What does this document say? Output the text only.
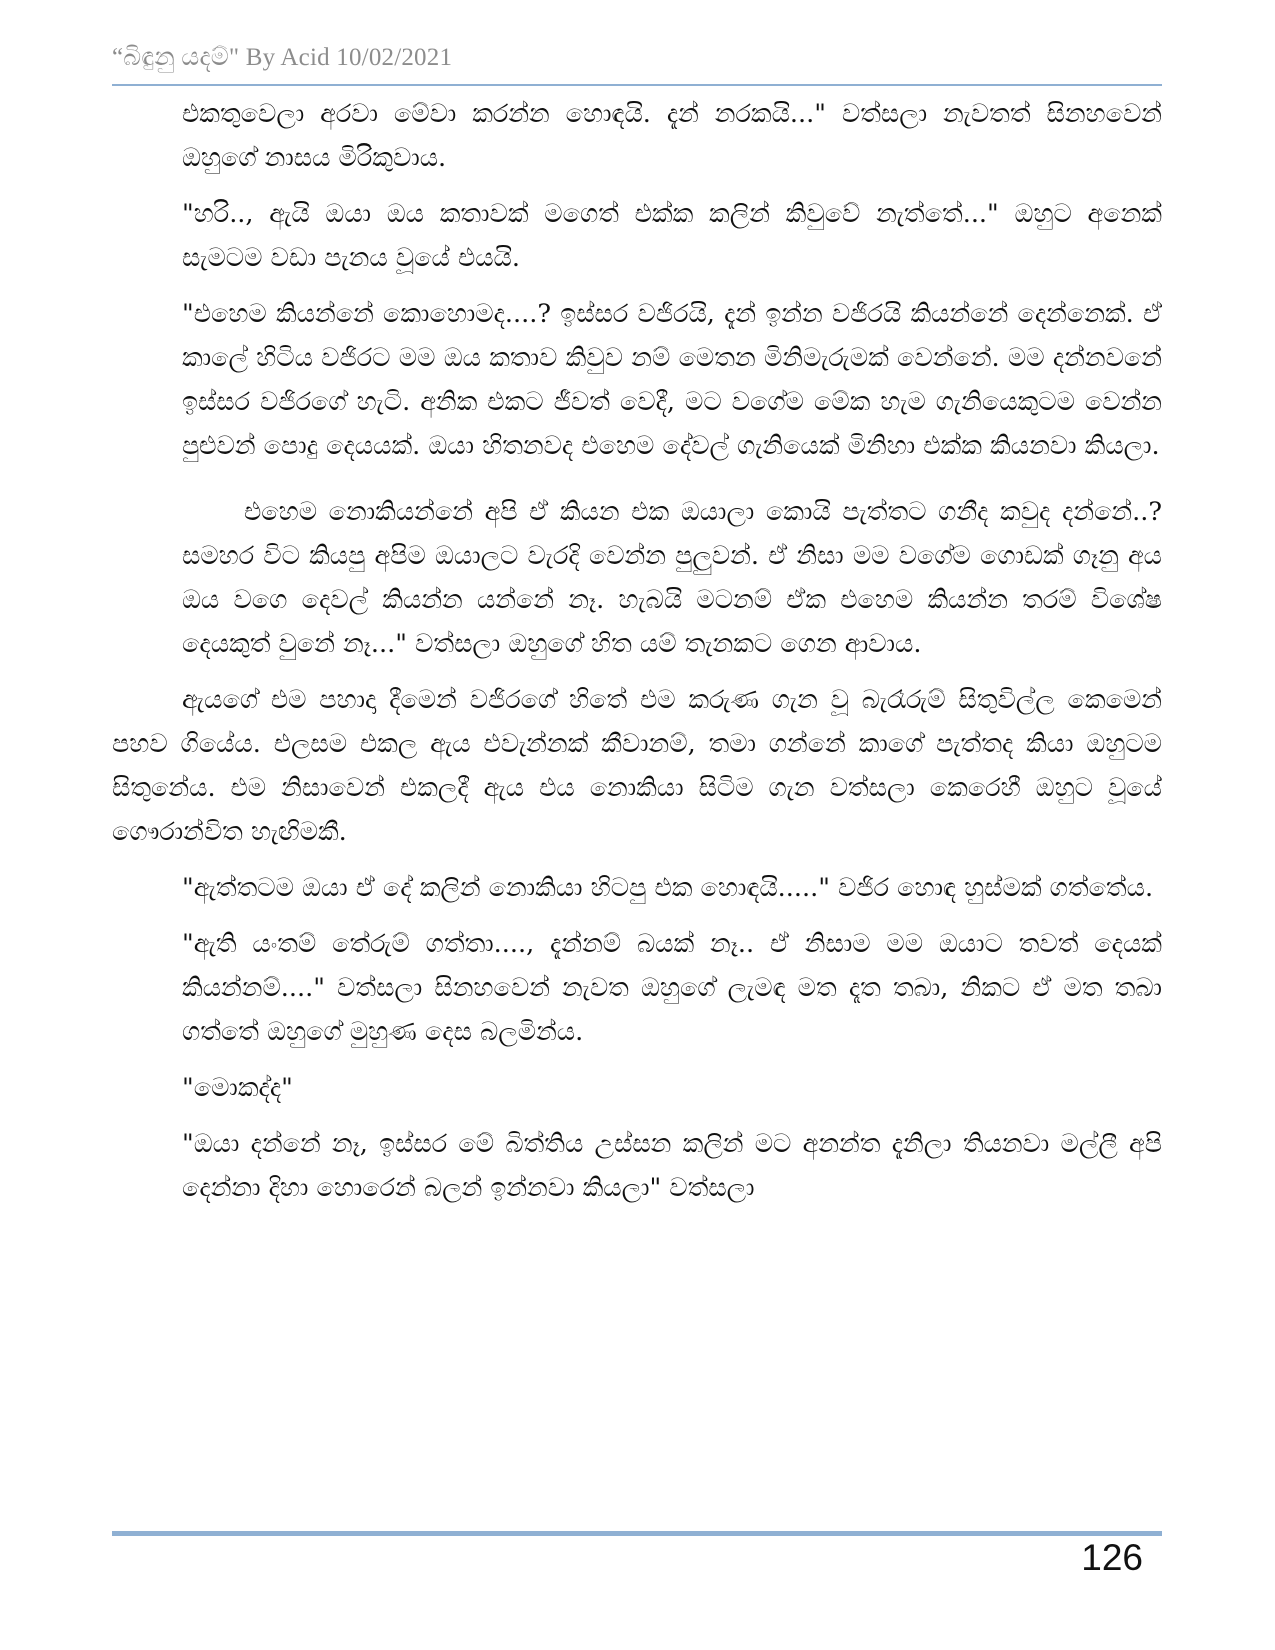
“බිඳුනු යදම්" By Acid 10/02/2021

එකතුවෙලා අරවා මේවා කරන්න හොඳයි. දැන් නරකයි..." වත්සලා නැවතත් සිනහවෙන් ඔහුගේ නාසය මිරිකුවාය.

"හරි.., ඇයි ඔයා ඔය කතාවක් මගෙත් එක්ක කලින් කිවුවේ නැත්තේ..." ඔහුට අනෙක් සැමටම වඩා පැනය වූයේ එයයි.

"එහෙම කියන්නේ කොහොමද....? ඉස්සර වජිරයි, දැන් ඉන්න වජිරයි කියන්නේ දෙන්නෙක්. ඒ කාලේ හිටිය වජිරට මම ඔය කතාව කිවුව නම් මෙතන මිනිමැරුමක් වෙන්නේ. මම දන්නවනේ ඉස්සර වජිරගේ හැටි. අනික එකට ජීවත් වෙදී, මට වගේම මේක හැම ගැනියෙකුටම වෙන්න පුළුවන් පොදු දෙයයක්. ඔයා හිතනවද එහෙම දේවල් ගැනියෙක් මිනිහා එක්ක කියනවා කියලා.

එහෙම නොකියන්නේ අපි ඒ කියන එක ඔයාලා කොයි පැත්තට ගනීද කවුද දන්නේ..? සමහර විට කියපු අපිම ඔයාලට වැරදි වෙන්න පුලුවන්. ඒ නිසා මම වගේම ගොඩක් ගෑනු අය ඔය වගෙ දෙවල් කියන්න යන්නේ නෑ. හැබයි මටනම් ඒක එහෙම කියන්න තරම් විශේෂ දෙයකුත් වුනේ නෑ..." වත්සලා ඔහුගේ හිත යම් තැනකට ගෙන ආවාය.

ඇයගේ එම පහාදා දීමෙන් වජිරගේ හිතේ එම කරුණ ගැන වූ බැරෑරුම් සිතුවිල්ල කෙමෙන් පහව ගියේය. එලසම එකල ඇය එවැන්නක් කීවානම්, තමා ගන්නේ කාගේ පැත්තද කියා ඔහුටම සිතුනේය. එම නිසාවෙන් එකලදී ඇය එය නොකියා සිටිම ගැන වත්සලා කෙරෙහී ඔහුට වූයේ ගෞරාන්විත හැඟිමකී.

"ඇත්තටම ඔයා ඒ දේ කලින් නොකියා හිටපු එක හොඳයි....." වජිර හොඳ හුස්මක් ගත්තේය.

"ඇති යංතම් තේරුම් ගත්තා...., දැන්නම් බයක් නෑ.. ඒ නිසාම මම ඔයාට තවත් දෙයක් කියන්නම්...." වත්සලා සිනහවෙන් නැවත ඔහුගේ ලැමඳ මත දෑත තබා, නිකට ඒ මත තබා ගත්තේ ඔහුගේ මුහුණ දෙස බලමින්ය.

"මොකද්ද"

"ඔයා දන්නේ නෑ, ඉස්සර මේ බිත්තිය උස්සන කලින් මට අනන්ත දැනිලා තියනවා මල්ලී අපි දෙන්නා දිහා හොරෙන් බලන් ඉන්නවා කියලා" වත්සලා

126
